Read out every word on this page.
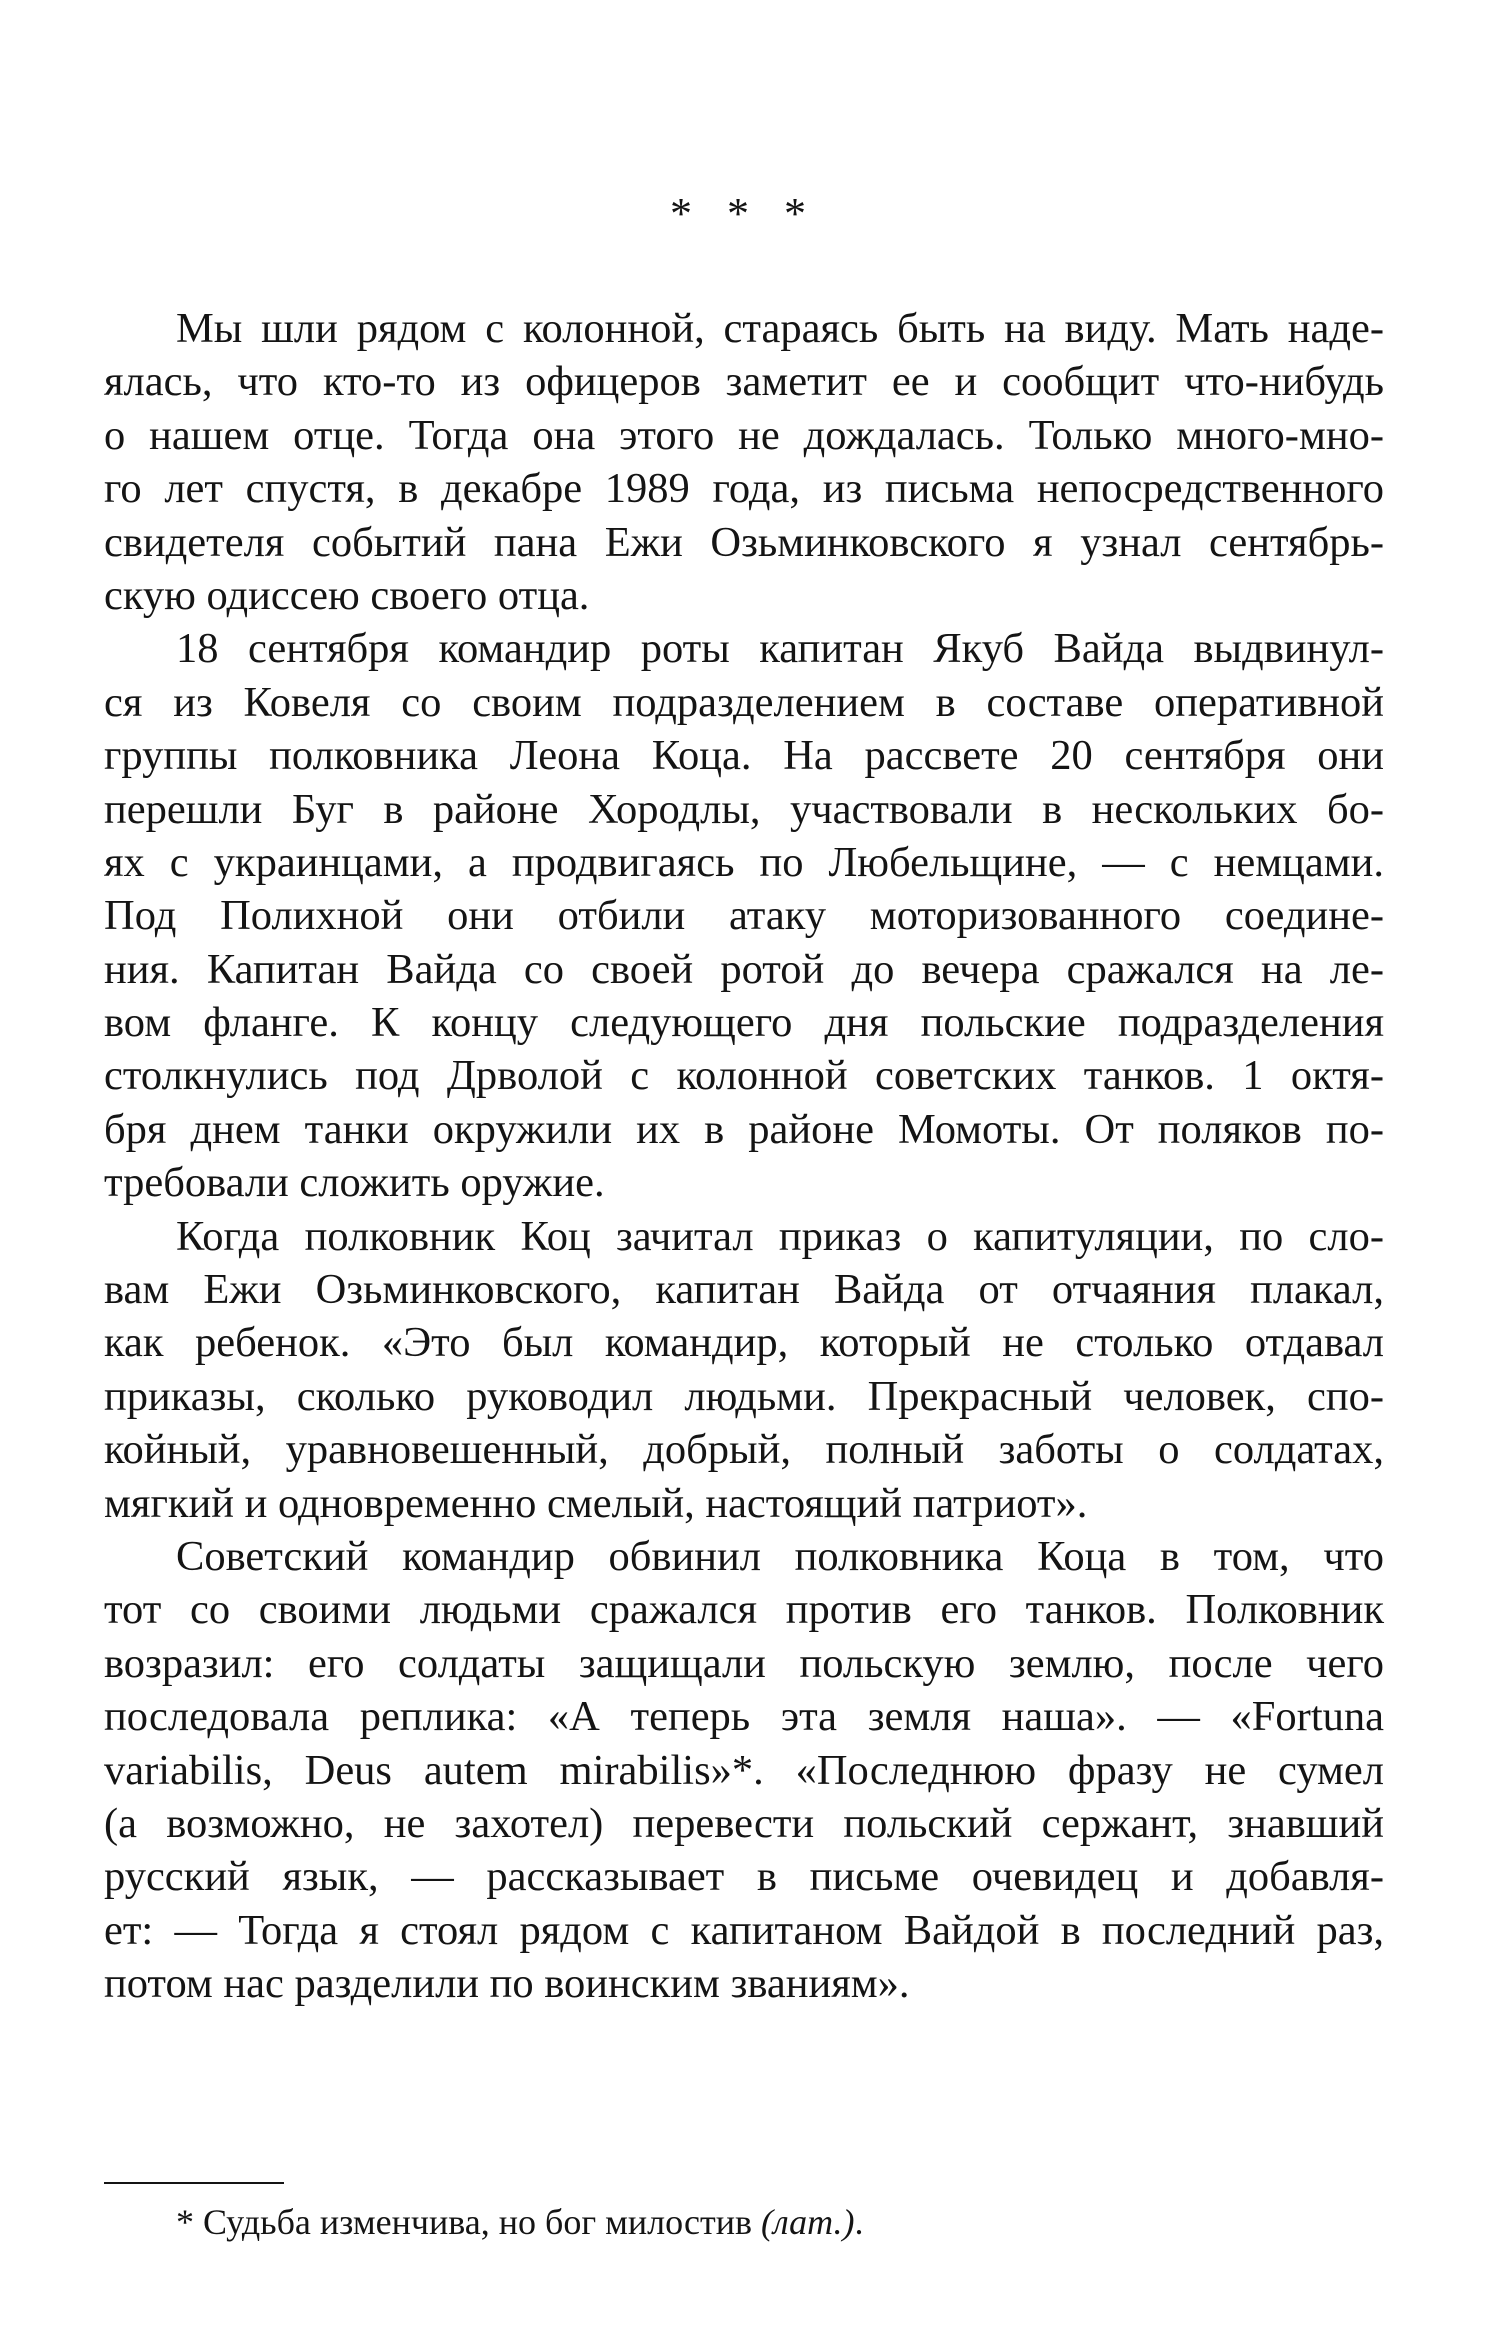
* * *

Мы шли рядом с колонной, стараясь быть на виду. Мать наде-
ялась, что кто-то из офицеров заметит ее и сообщит что-нибудь
о нашем отце. Тогда она этого не дождалась. Только много-мно-
го лет спустя, в декабре 1989 года, из письма непосредственного
свидетеля событий пана Ежи Озьминковского я узнал сентябрь-
скую одиссею своего отца.

18 сентября командир роты капитан Якуб Вайда выдвинул-
ся из Ковеля со своим подразделением в составе оперативной
группы полковника Леона Коца. На рассвете 20 сентября они
перешли Буг в районе Хородлы, участвовали в нескольких бо-
ях с украинцами, а продвигаясь по Любельщине, — с немцами.
Под Полихной они отбили атаку моторизованного соедине-
ния. Капитан Вайда со своей ротой до вечера сражался на ле-
вом фланге. К концу следующего дня польские подразделения
столкнулись под Дрволой с колонной советских танков. 1 октя-
бря днем танки окружили их в районе Момоты. От поляков по-
требовали сложить оружие.

Когда полковник Коц зачитал приказ о капитуляции, по сло-
вам Ежи Озьминковского, капитан Вайда от отчаяния плакал,
как ребенок. «Это был командир, который не столько отдавал
приказы, сколько руководил людьми. Прекрасный человек, спо-
койный, уравновешенный, добрый, полный заботы о солдатах,
мягкий и одновременно смелый, настоящий патриот».

Советский командир обвинил полковника Коца в том, что
тот со своими людьми сражался против его танков. Полковник
возразил: его солдаты защищали польскую землю, после чего
последовала реплика: «А теперь эта земля наша». — «Fortuna
variabilis, Deus autem mirabilis»*. «Последнюю фразу не сумел
(а возможно, не захотел) перевести польский сержант, знавший
русский язык, — рассказывает в письме очевидец и добавля-
ет: — Тогда я стоял рядом с капитаном Вайдой в последний раз,
потом нас разделили по воинским званиям».

* Судьба изменчива, но бог милостив (лат.).
